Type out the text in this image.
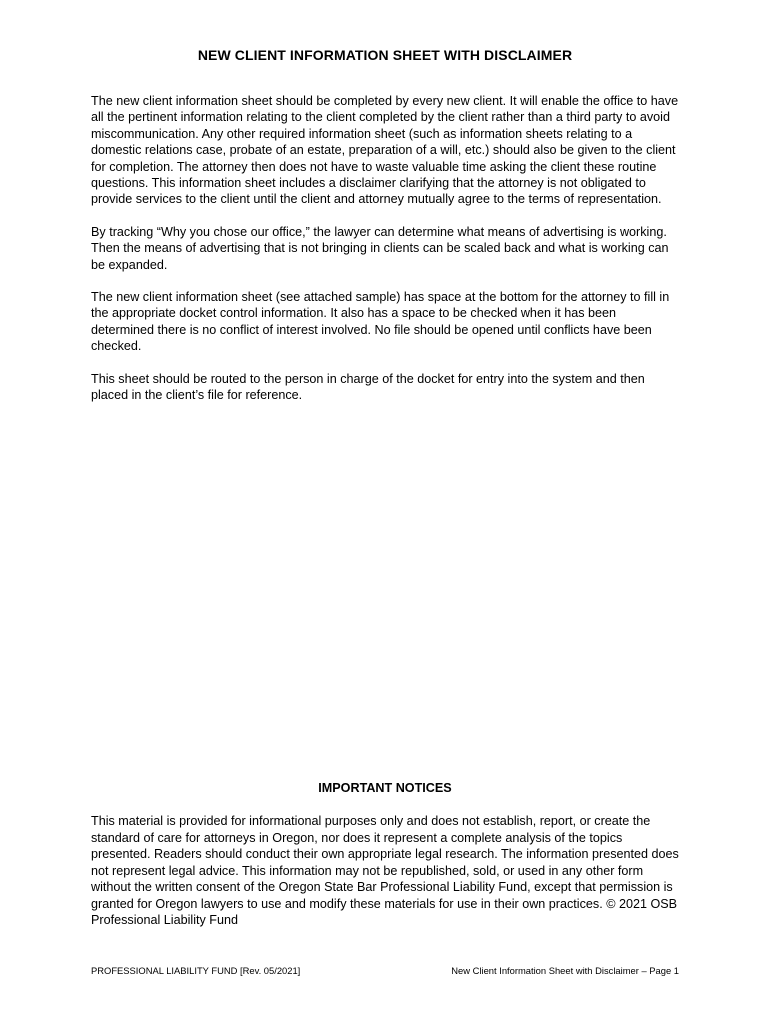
NEW CLIENT INFORMATION SHEET WITH DISCLAIMER

The new client information sheet should be completed by every new client. It will enable the office to have all the pertinent information relating to the client completed by the client rather than a third party to avoid miscommunication. Any other required information sheet (such as information sheets relating to a domestic relations case, probate of an estate, preparation of a will, etc.) should also be given to the client for completion. The attorney then does not have to waste valuable time asking the client these routine questions. This information sheet includes a disclaimer clarifying that the attorney is not obligated to provide services to the client until the client and attorney mutually agree to the terms of representation.

By tracking “Why you chose our office,” the lawyer can determine what means of advertising is working. Then the means of advertising that is not bringing in clients can be scaled back and what is working can be expanded.

The new client information sheet (see attached sample) has space at the bottom for the attorney to fill in the appropriate docket control information. It also has a space to be checked when it has been determined there is no conflict of interest involved. No file should be opened until conflicts have been checked.

This sheet should be routed to the person in charge of the docket for entry into the system and then placed in the client’s file for reference.

IMPORTANT NOTICES

This material is provided for informational purposes only and does not establish, report, or create the standard of care for attorneys in Oregon, nor does it represent a complete analysis of the topics presented. Readers should conduct their own appropriate legal research. The information presented does not represent legal advice. This information may not be republished, sold, or used in any other form without the written consent of the Oregon State Bar Professional Liability Fund, except that permission is granted for Oregon lawyers to use and modify these materials for use in their own practices. © 2021 OSB Professional Liability Fund

PROFESSIONAL LIABILITY FUND [Rev. 05/2021]	New Client Information Sheet with Disclaimer – Page 1
